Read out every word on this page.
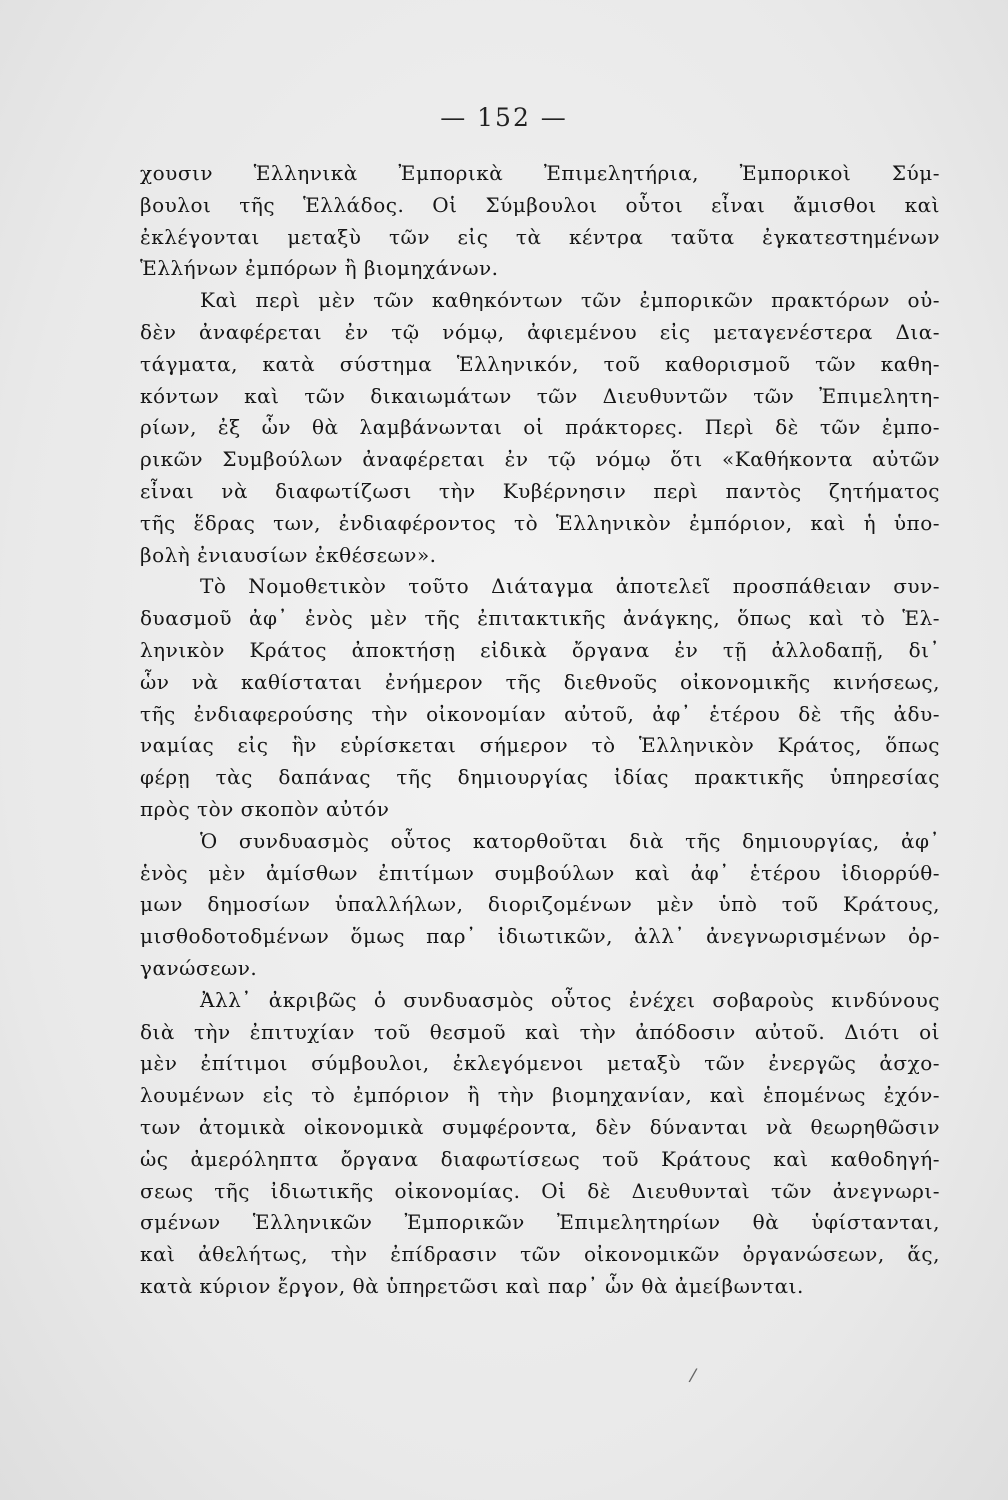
— 152 —
χουσιν Ἑλληνικὰ Ἐμπορικὰ Ἐπιμελητήρια, Ἐμπορικοὶ Σύμ-
βουλοι τῆς Ἑλλάδος. Οἱ Σύμβουλοι οὗτοι εἶναι ἄμισθοι καὶ
ἐκλέγονται μεταξὺ τῶν εἰς τὰ κέντρα ταῦτα ἐγκατεστημένων
Ἑλλήνων ἐμπόρων ἢ βιομηχάνων.
Καὶ περὶ μὲν τῶν καθηκόντων τῶν ἐμπορικῶν πρακτόρων οὐ-
δὲν ἀναφέρεται ἐν τῷ νόμῳ, ἀφιεμένου εἰς μεταγενέστερα Δια-
τάγματα, κατὰ σύστημα Ἑλληνικόν, τοῦ καθορισμοῦ τῶν καθη-
κόντων καὶ τῶν δικαιωμάτων τῶν Διευθυντῶν τῶν Ἐπιμελητη-
ρίων, ἐξ ὧν θὰ λαμβάνωνται οἱ πράκτορες. Περὶ δὲ τῶν ἐμπο-
ρικῶν Συμβούλων ἀναφέρεται ἐν τῷ νόμῳ ὅτι «Καθήκοντα αὐτῶν
εἶναι νὰ διαφωτίζωσι τὴν Κυβέρνησιν περὶ παντὸς ζητήματος
τῆς ἕδρας των, ἐνδιαφέροντος τὸ Ἑλληνικὸν ἐμπόριον, καὶ ἡ ὑπο-
βολὴ ἐνιαυσίων ἐκθέσεων».
Τὸ Νομοθετικὸν τοῦτο Διάταγμα ἀποτελεῖ προσπάθειαν συν-
δυασμοῦ ἀφ᾽ ἑνὸς μὲν τῆς ἐπιτακτικῆς ἀνάγκης, ὅπως καὶ τὸ Ἑλ-
ληνικὸν Κράτος ἀποκτήσῃ εἰδικὰ ὄργανα ἐν τῇ ἀλλοδαπῇ, δι᾽
ὧν νὰ καθίσταται ἐνήμερον τῆς διεθνοῦς οἰκονομικῆς κινήσεως,
τῆς ἐνδιαφερούσης τὴν οἰκονομίαν αὐτοῦ, ἀφ᾽ ἑτέρου δὲ τῆς ἀδυ-
ναμίας εἰς ἣν εὑρίσκεται σήμερον τὸ Ἑλληνικὸν Κράτος, ὅπως
φέρῃ τὰς δαπάνας τῆς δημιουργίας ἰδίας πρακτικῆς ὑπηρεσίας
πρὸς τὸν σκοπὸν αὐτόν
Ὁ συνδυασμὸς οὗτος κατορθοῦται διὰ τῆς δημιουργίας, ἀφ᾽
ἑνὸς μὲν ἀμίσθων ἐπιτίμων συμβούλων καὶ ἀφ᾽ ἑτέρου ἰδιορρύθ-
μων δημοσίων ὑπαλλήλων, διοριζομένων μὲν ὑπὸ τοῦ Κράτους,
μισθοδοτοδμένων ὅμως παρ᾽ ἰδιωτικῶν, ἀλλ᾽ ἀνεγνωρισμένων ὀρ-
γανώσεων.
Ἀλλ᾽ ἀκριβῶς ὁ συνδυασμὸς οὗτος ἐνέχει σοβαροὺς κινδύνους
διὰ τὴν ἐπιτυχίαν τοῦ θεσμοῦ καὶ τὴν ἀπόδοσιν αὐτοῦ. Διότι οἱ
μὲν ἐπίτιμοι σύμβουλοι, ἐκλεγόμενοι μεταξὺ τῶν ἐνεργῶς ἀσχο-
λουμένων εἰς τὸ ἐμπόριον ἢ τὴν βιομηχανίαν, καὶ ἑπομένως ἐχόν-
των ἀτομικὰ οἰκονομικὰ συμφέροντα, δὲν δύνανται νὰ θεωρηθῶσιν
ὡς ἀμερόληπτα ὄργανα διαφωτίσεως τοῦ Κράτους καὶ καθοδηγή-
σεως τῆς ἰδιωτικῆς οἰκονομίας. Οἱ δὲ Διευθυνταὶ τῶν ἀνεγνωρι-
σμένων Ἑλληνικῶν Ἐμπορικῶν Ἐπιμελητηρίων θὰ ὑφίστανται,
καὶ ἀθελήτως, τὴν ἐπίδρασιν τῶν οἰκονομικῶν ὀργανώσεων, ἅς,
κατὰ κύριον ἔργον, θὰ ὑπηρετῶσι καὶ παρ᾽ ὧν θὰ ἀμείβωνται.
/
